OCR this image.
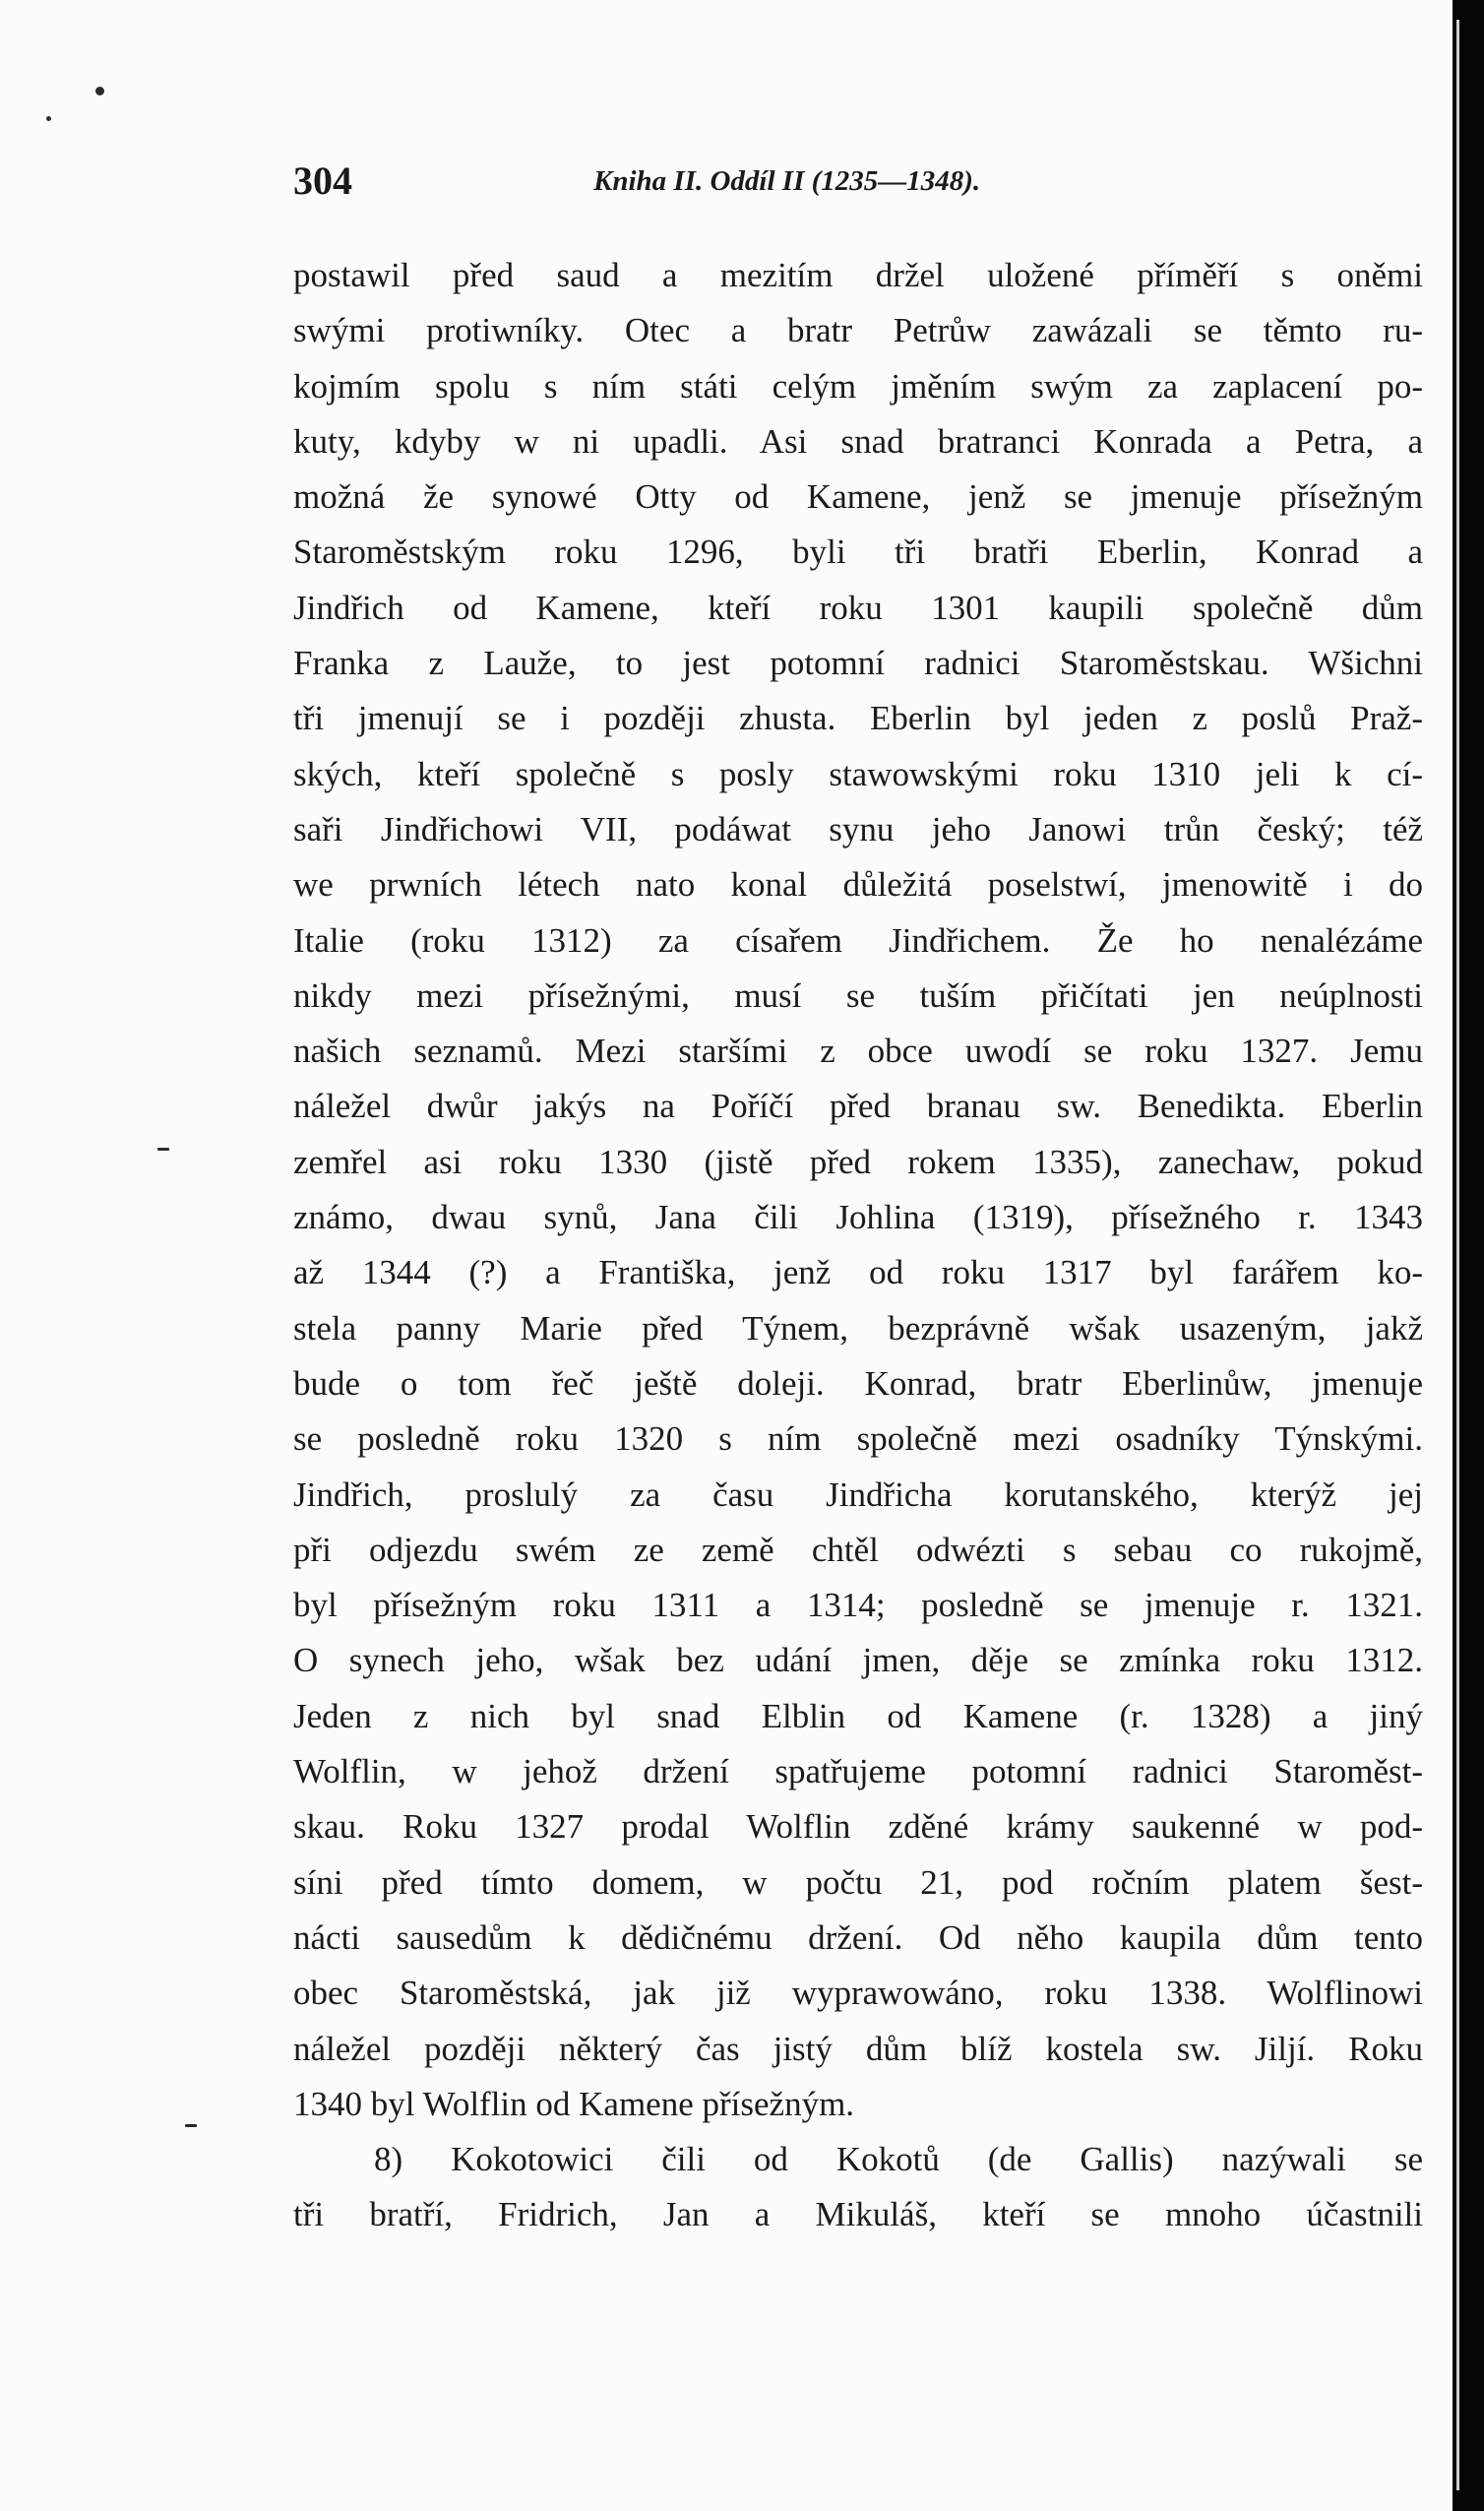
304	Kniha II. Oddíl II (1235—1348).
postawil před saud a mezitím držel uložené příměří s oněmi
swými protiwníky. Otec a bratr Petrůw zawázali se těmto ru-
kojmím spolu s ním státi celým jměním swým za zaplacení po-
kuty, kdyby w ni upadli. Asi snad bratranci Konrada a Petra, a
možná že synowé Otty od Kamene, jenž se jmenuje přísežným
Staroměstským roku 1296, byli tři bratři Eberlin, Konrad a
Jindřich od Kamene, kteří roku 1301 kaupili společně dům
Franka z Lauže, to jest potomní radnici Staroměstskau. Wšichni
tři jmenují se i později zhusta. Eberlin byl jeden z poslů Praž-
ských, kteří společně s posly stawowskými roku 1310 jeli k cí-
saři Jindřichowi VII, podáwat synu jeho Janowi trůn český; též
we prwních létech nato konal důležitá poselstwí, jmenowitě i do
Italie (roku 1312) za císařem Jindřichem. Že ho nenalézáme
nikdy mezi přísežnými, musí se tuším přičítati jen neúplnosti
našich seznamů. Mezi staršími z obce uwodí se roku 1327. Jemu
náležel dwůr jakýs na Poříčí před branau sw. Benedikta. Eberlin
zemřel asi roku 1330 (jistě před rokem 1335), zanechaw, pokud
známo, dwau synů, Jana čili Johlina (1319), přísežného r. 1343
až 1344 (?) a Františka, jenž od roku 1317 byl farářem ko-
stela panny Marie před Týnem, bezprávně wšak usazeným, jakž
bude o tom řeč ještě doleji. Konrad, bratr Eberlinůw, jmenuje
se posledně roku 1320 s ním společně mezi osadníky Týnskými.
Jindřich, proslulý za času Jindřicha korutanského, kterýž jej
při odjezdu swém ze země chtěl odwézti s sebau co rukojmě,
byl přísežným roku 1311 a 1314; posledně se jmenuje r. 1321.
O synech jeho, wšak bez udání jmen, děje se zmínka roku 1312.
Jeden z nich byl snad Elblin od Kamene (r. 1328) a jiný
Wolflin, w jehož držení spatřujeme potomní radnici Staroměst-
skau. Roku 1327 prodal Wolflin zděné krámy saukenné w pod-
síni před tímto domem, w počtu 21, pod ročním platem šest-
nácti sausedům k dědičnému držení. Od něho kaupila dům tento
obec Staroměstská, jak již wyprawowáno, roku 1338. Wolflinowi
náležel později některý čas jistý dům blíž kostela sw. Jiljí. Roku
1340 byl Wolflin od Kamene přísežným.
8) Kokotowici čili od Kokotů (de Gallis) nazýwali se
tři bratří, Fridrich, Jan a Mikuláš, kteří se mnoho účastnili
